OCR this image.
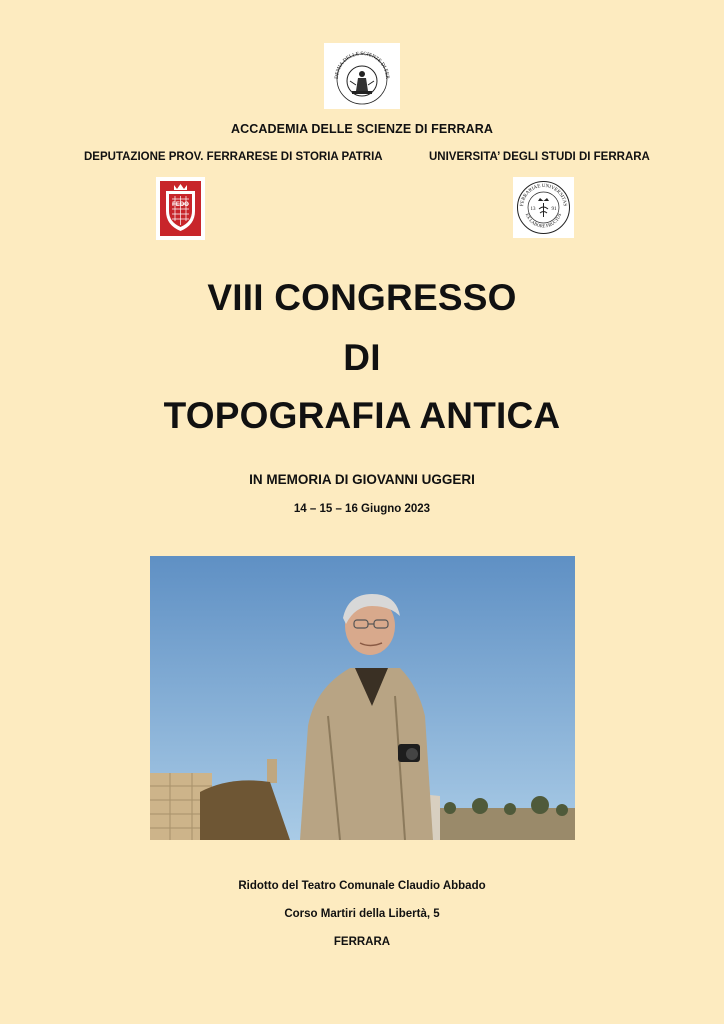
DEMIA DELLE SCIENZE DI FER
ACCADEMIA DELLE SCIENZE DI FERRARA
DEPUTAZIONE PROV. FERRARESE DI STORIA PATRIA	UNIVERSITA’ DEGLI STUDI DI FERRARA
FEDO	FERRARIAE UNIVERSITAS
EX LABORE FRUCTUS
13	91
VIII CONGRESSO
DI
TOPOGRAFIA ANTICA
IN MEMORIA DI GIOVANNI UGGERI
14 – 15 – 16 Giugno 2023
Ridotto del Teatro Comunale Claudio Abbado
Corso Martiri della Libertà, 5
FERRARA
